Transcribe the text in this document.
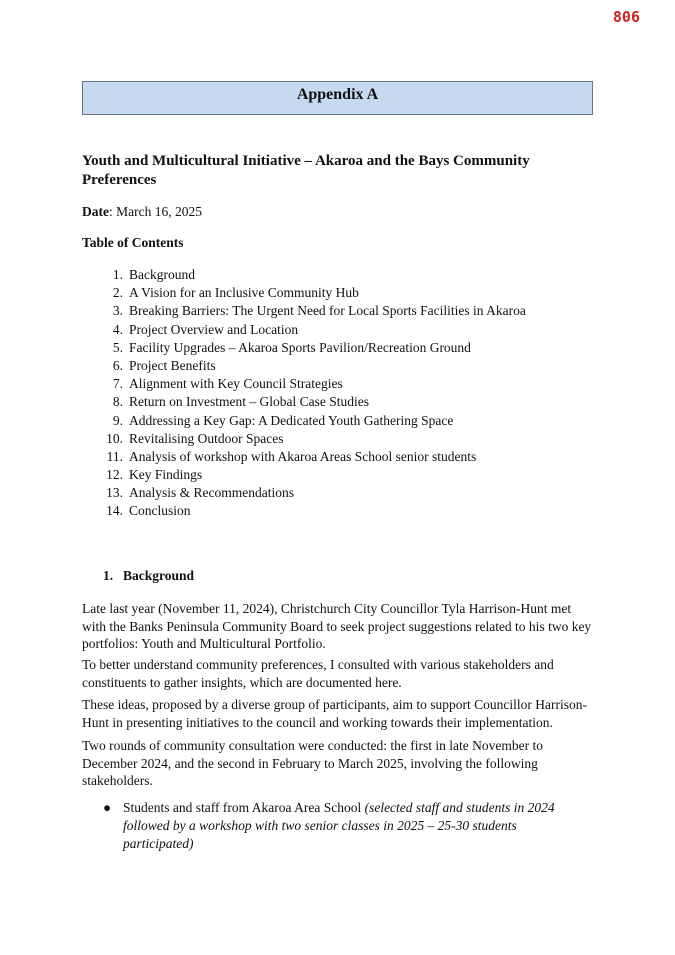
806
Appendix A
Youth and Multicultural Initiative – Akaroa and the Bays Community Preferences
Date: March 16, 2025
Table of Contents
1. Background
2. A Vision for an Inclusive Community Hub
3. Breaking Barriers: The Urgent Need for Local Sports Facilities in Akaroa
4. Project Overview and Location
5. Facility Upgrades – Akaroa Sports Pavilion/Recreation Ground
6. Project Benefits
7. Alignment with Key Council Strategies
8. Return on Investment – Global Case Studies
9. Addressing a Key Gap: A Dedicated Youth Gathering Space
10. Revitalising Outdoor Spaces
11. Analysis of workshop with Akaroa Areas School senior students
12. Key Findings
13. Analysis & Recommendations
14. Conclusion
1. Background

Late last year (November 11, 2024), Christchurch City Councillor Tyla Harrison-Hunt met with the Banks Peninsula Community Board to seek project suggestions related to his two key portfolios: Youth and Multicultural Portfolio.

To better understand community preferences, I consulted with various stakeholders and constituents to gather insights, which are documented here.

These ideas, proposed by a diverse group of participants, aim to support Councillor Harrison-Hunt in presenting initiatives to the council and working towards their implementation.

Two rounds of community consultation were conducted: the first in late November to December 2024, and the second in February to March 2025, involving the following stakeholders.

● Students and staff from Akaroa Area School (selected staff and students in 2024 followed by a workshop with two senior classes in 2025 – 25-30 students participated)
